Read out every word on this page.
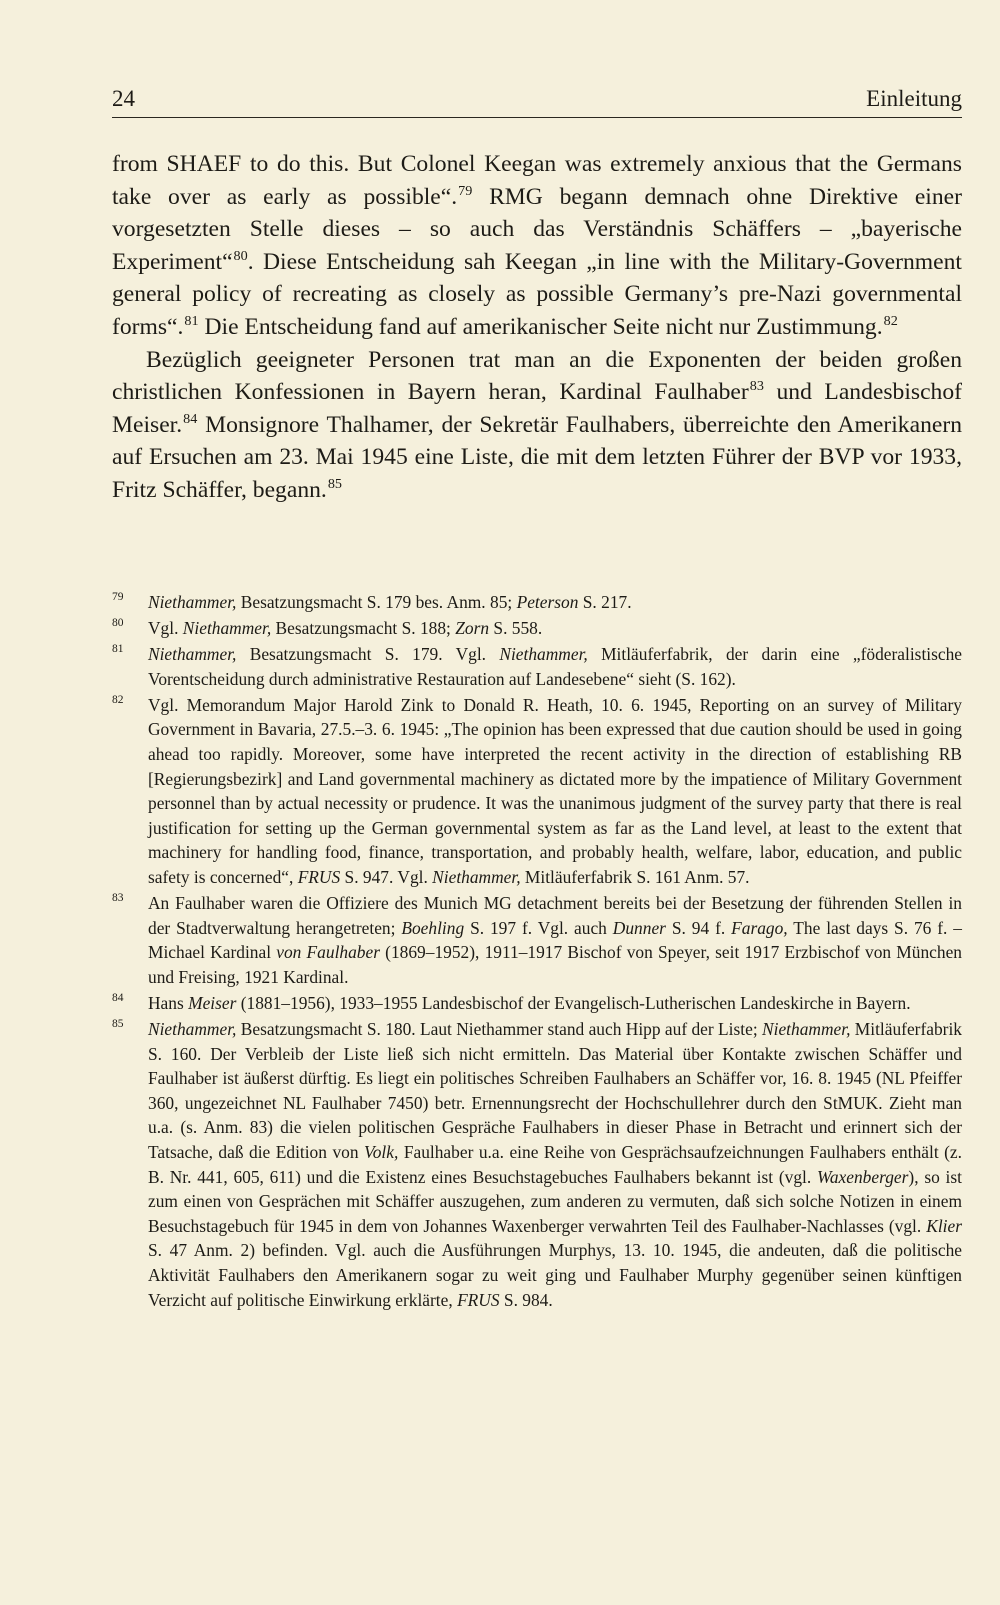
24	Einleitung

from SHAEF to do this. But Colonel Keegan was extremely anxious that the Germans take over as early as possible“.$^{79}$ RMG begann demnach ohne Direktive einer vorgesetzten Stelle dieses – so auch das Verständnis Schäffers – „bayerische Experiment“$^{80}$. Diese Entscheidung sah Keegan „in line with the Military-Government general policy of recreating as closely as possible Germany’s pre-Nazi governmental forms“.$^{81}$ Die Entscheidung fand auf amerikanischer Seite nicht nur Zustimmung.$^{82}$

Bezüglich geeigneter Personen trat man an die Exponenten der beiden großen christlichen Konfessionen in Bayern heran, Kardinal Faulhaber$^{83}$ und Landesbischof Meiser.$^{84}$ Monsignore Thalhamer, der Sekretär Faulhabers, überreichte den Amerikanern auf Ersuchen am 23. Mai 1945 eine Liste, die mit dem letzten Führer der BVP vor 1933, Fritz Schäffer, begann.$^{85}$

79 Niethammer, Besatzungsmacht S. 179 bes. Anm. 85; Peterson S. 217.
80 Vgl. Niethammer, Besatzungsmacht S. 188; Zorn S. 558.
81 Niethammer, Besatzungsmacht S. 179. Vgl. Niethammer, Mitläuferfabrik, der darin eine „föderalistische Vorentscheidung durch administrative Restauration auf Landesebene“ sieht (S. 162).
82 Vgl. Memorandum Major Harold Zink to Donald R. Heath, 10. 6. 1945, Reporting on an survey of Military Government in Bavaria, 27.5.–3. 6. 1945: „The opinion has been expressed that due caution should be used in going ahead too rapidly. Moreover, some have interpreted the recent activity in the direction of establishing RB [Regierungsbezirk] and Land governmental machinery as dictated more by the impatience of Military Government personnel than by actual necessity or prudence. It was the unanimous judgment of the survey party that there is real justification for setting up the German governmental system as far as the Land level, at least to the extent that machinery for handling food, finance, transportation, and probably health, welfare, labor, education, and public safety is concerned“, FRUS S. 947. Vgl. Niethammer, Mitläuferfabrik S. 161 Anm. 57.
83 An Faulhaber waren die Offiziere des Munich MG detachment bereits bei der Besetzung der führenden Stellen in der Stadtverwaltung herangetreten; Boehling S. 197 f. Vgl. auch Dunner S. 94 f. Farago, The last days S. 76 f. – Michael Kardinal von Faulhaber (1869–1952), 1911–1917 Bischof von Speyer, seit 1917 Erzbischof von München und Freising, 1921 Kardinal.
84 Hans Meiser (1881–1956), 1933–1955 Landesbischof der Evangelisch-Lutherischen Landeskirche in Bayern.
85 Niethammer, Besatzungsmacht S. 180. Laut Niethammer stand auch Hipp auf der Liste; Niethammer, Mitläuferfabrik S. 160. Der Verbleib der Liste ließ sich nicht ermitteln. Das Material über Kontakte zwischen Schäffer und Faulhaber ist äußerst dürftig. Es liegt ein politisches Schreiben Faulhabers an Schäffer vor, 16. 8. 1945 (NL Pfeiffer 360, ungezeichnet NL Faulhaber 7450) betr. Ernennungsrecht der Hochschullehrer durch den StMUK. Zieht man u.a. (s. Anm. 83) die vielen politischen Gespräche Faulhabers in dieser Phase in Betracht und erinnert sich der Tatsache, daß die Edition von Volk, Faulhaber u.a. eine Reihe von Gesprächsaufzeichnungen Faulhabers enthält (z. B. Nr. 441, 605, 611) und die Existenz eines Besuchstagebuches Faulhabers bekannt ist (vgl. Waxenberger), so ist zum einen von Gesprächen mit Schäffer auszugehen, zum anderen zu vermuten, daß sich solche Notizen in einem Besuchstagebuch für 1945 in dem von Johannes Waxenberger verwahrten Teil des Faulhaber-Nachlasses (vgl. Klier S. 47 Anm. 2) befinden. Vgl. auch die Ausführungen Murphys, 13. 10. 1945, die andeuten, daß die politische Aktivität Faulhabers den Amerikanern sogar zu weit ging und Faulhaber Murphy gegenüber seinen künftigen Verzicht auf politische Einwirkung erklärte, FRUS S. 984.
